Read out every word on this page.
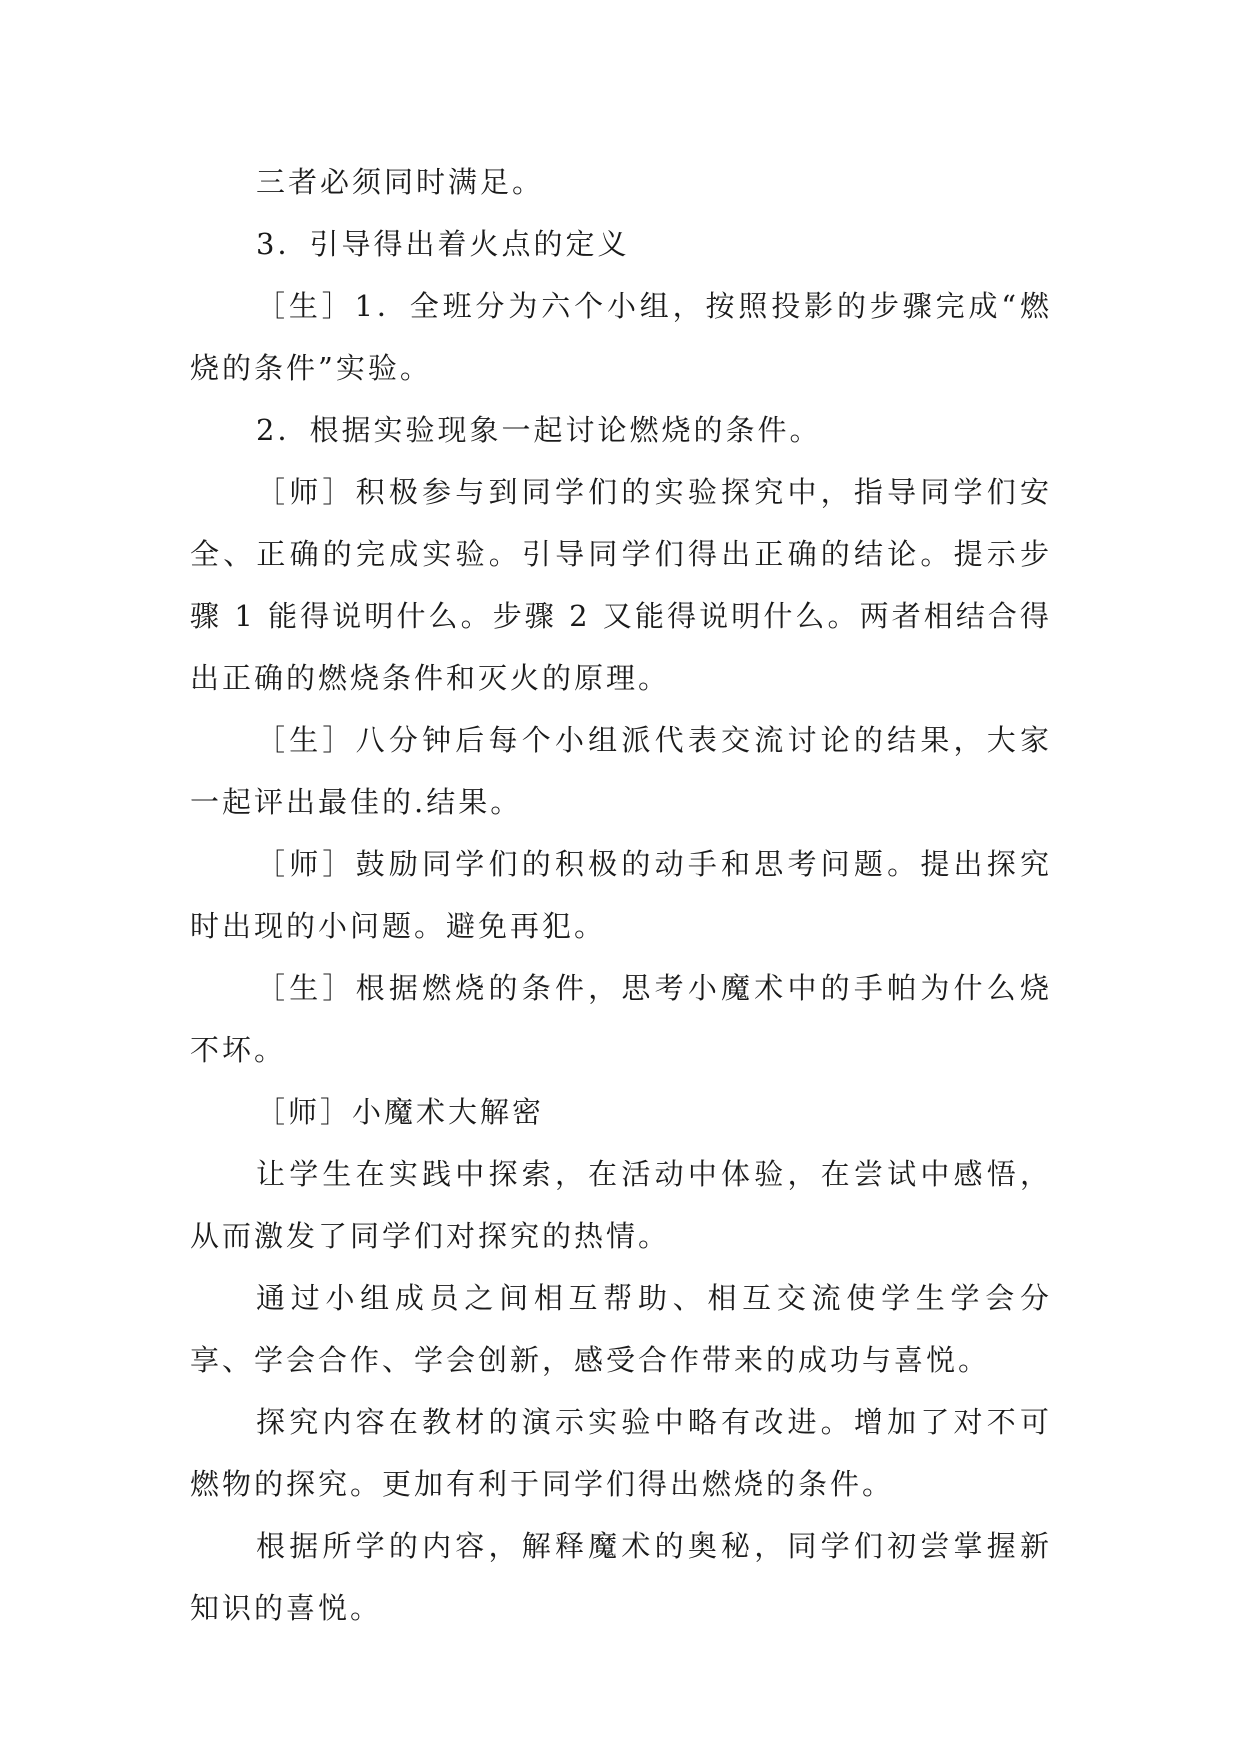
三者必须同时满足。

3．引导得出着火点的定义

［生］1．全班分为六个小组，按照投影的步骤完成“燃烧的条件”实验。

2．根据实验现象一起讨论燃烧的条件。

［师］积极参与到同学们的实验探究中，指导同学们安全、正确的完成实验。引导同学们得出正确的结论。提示步骤 1 能得说明什么。步骤 2 又能得说明什么。两者相结合得出正确的燃烧条件和灭火的原理。

［生］八分钟后每个小组派代表交流讨论的结果，大家一起评出最佳的.结果。

［师］鼓励同学们的积极的动手和思考问题。提出探究时出现的小问题。避免再犯。

［生］根据燃烧的条件，思考小魔术中的手帕为什么烧不坏。

［师］小魔术大解密

让学生在实践中探索，在活动中体验，在尝试中感悟，从而激发了同学们对探究的热情。

通过小组成员之间相互帮助、相互交流使学生学会分享、学会合作、学会创新，感受合作带来的成功与喜悦。

探究内容在教材的演示实验中略有改进。增加了对不可燃物的探究。更加有利于同学们得出燃烧的条件。

根据所学的内容，解释魔术的奥秘，同学们初尝掌握新知识的喜悦。
